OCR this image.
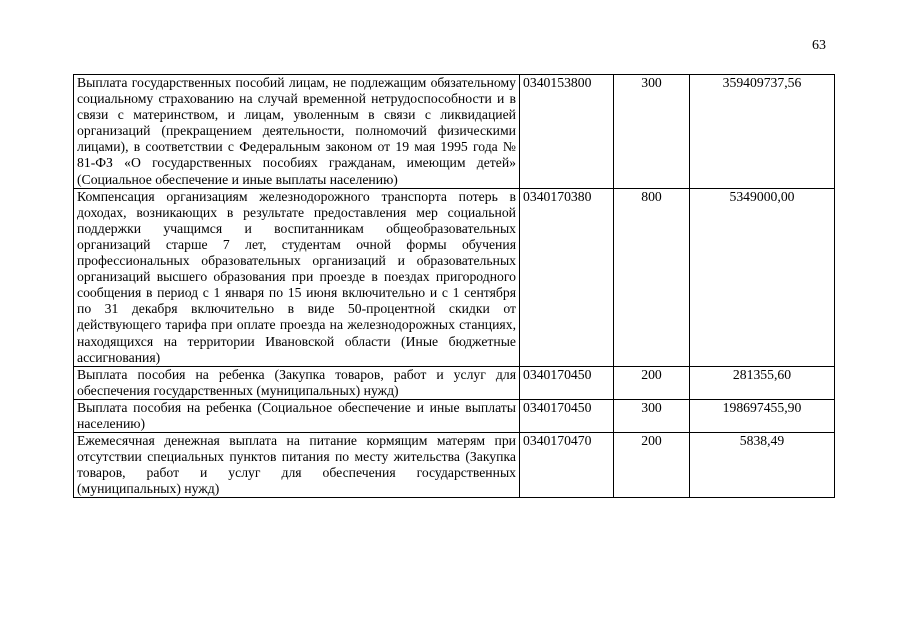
63
Выплата государственных пособий лицам, не подлежащим обязательному социальному страхованию на случай временной нетрудоспособности и в связи с материнством, и лицам, уволенным в связи с ликвидацией организаций (прекращением деятельности, полномочий физическими лицами), в соответствии с Федеральным законом от 19 мая 1995 года № 81-ФЗ «О государственных пособиях гражданам, имеющим детей» (Социальное обеспечение и иные выплаты населению)	0340153800	300	359409737,56
Компенсация организациям железнодорожного транспорта потерь в доходах, возникающих в результате предоставления мер социальной поддержки учащимся и воспитанникам общеобразовательных организаций старше 7 лет, студентам очной формы обучения профессиональных образовательных организаций и образовательных организаций высшего образования при проезде в поездах пригородного сообщения в период с 1 января по 15 июня включительно и с 1 сентября по 31 декабря включительно в виде 50-процентной скидки от действующего тарифа при оплате проезда на железнодорожных станциях, находящихся на территории Ивановской области (Иные бюджетные ассигнования)	0340170380	800	5349000,00
Выплата пособия на ребенка (Закупка товаров, работ и услуг для обеспечения государственных (муниципальных) нужд)	0340170450	200	281355,60
Выплата пособия на ребенка (Социальное обеспечение и иные выплаты населению)	0340170450	300	198697455,90
Ежемесячная денежная выплата на питание кормящим матерям при отсутствии специальных пунктов питания по месту жительства (Закупка товаров, работ и услуг для обеспечения государственных (муниципальных) нужд)	0340170470	200	5838,49
